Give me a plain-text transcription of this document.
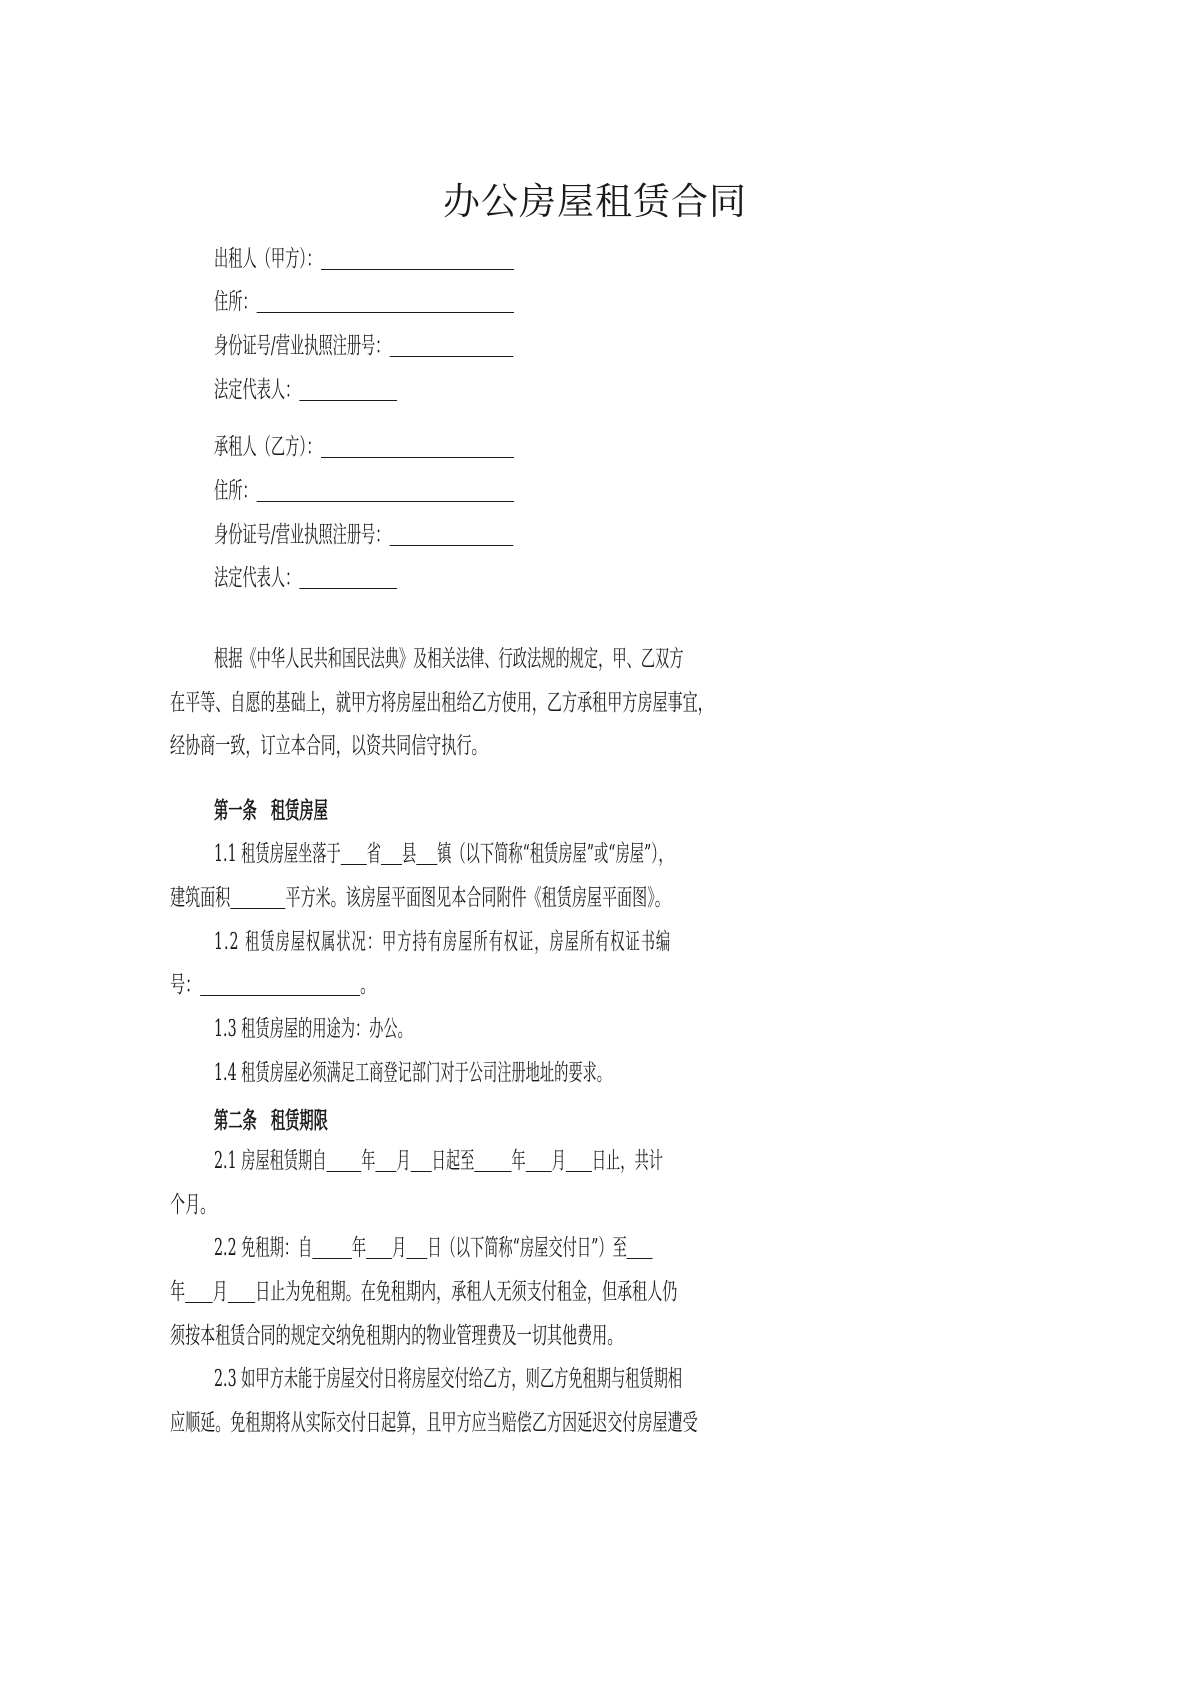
办公房屋租赁合同
出租人（甲方）：
住所：
身份证号/营业执照注册号：
法定代表人：
承租人（乙方）：
住所：
身份证号/营业执照注册号：
法定代表人：
根据《中华人民共和国民法典》及相关法律、行政法规的规定，甲、乙双方
在平等、自愿的基础上，就甲方将房屋出租给乙方使用，乙方承租甲方房屋事宜，
经协商一致，订立本合同，以资共同信守执行。
第一条　租赁房屋
1.1 租赁房屋坐落于 省 县 镇（以下简称“租赁房屋”或“房屋”），
建筑面积 平方米。该房屋平面图见本合同附件《租赁房屋平面图》。
1.2 租赁房屋权属状况：甲方持有房屋所有权证，房屋所有权证书编
号：	。
1.3 租赁房屋的用途为：办公。
1.4 租赁房屋必须满足工商登记部门对于公司注册地址的要求。
第二条　租赁期限
2.1 房屋租赁期自 年 月 日起至 年 月 日止，共计
个月。
2.2 免租期：自 年 月 日（以下简称“房屋交付日”）至
年 月 日止为免租期。在免租期内，承租人无须支付租金，但承租人仍
须按本租赁合同的规定交纳免租期内的物业管理费及一切其他费用。
2.3 如甲方未能于房屋交付日将房屋交付给乙方，则乙方免租期与租赁期相
应顺延。免租期将从实际交付日起算，且甲方应当赔偿乙方因延迟交付房屋遭受
